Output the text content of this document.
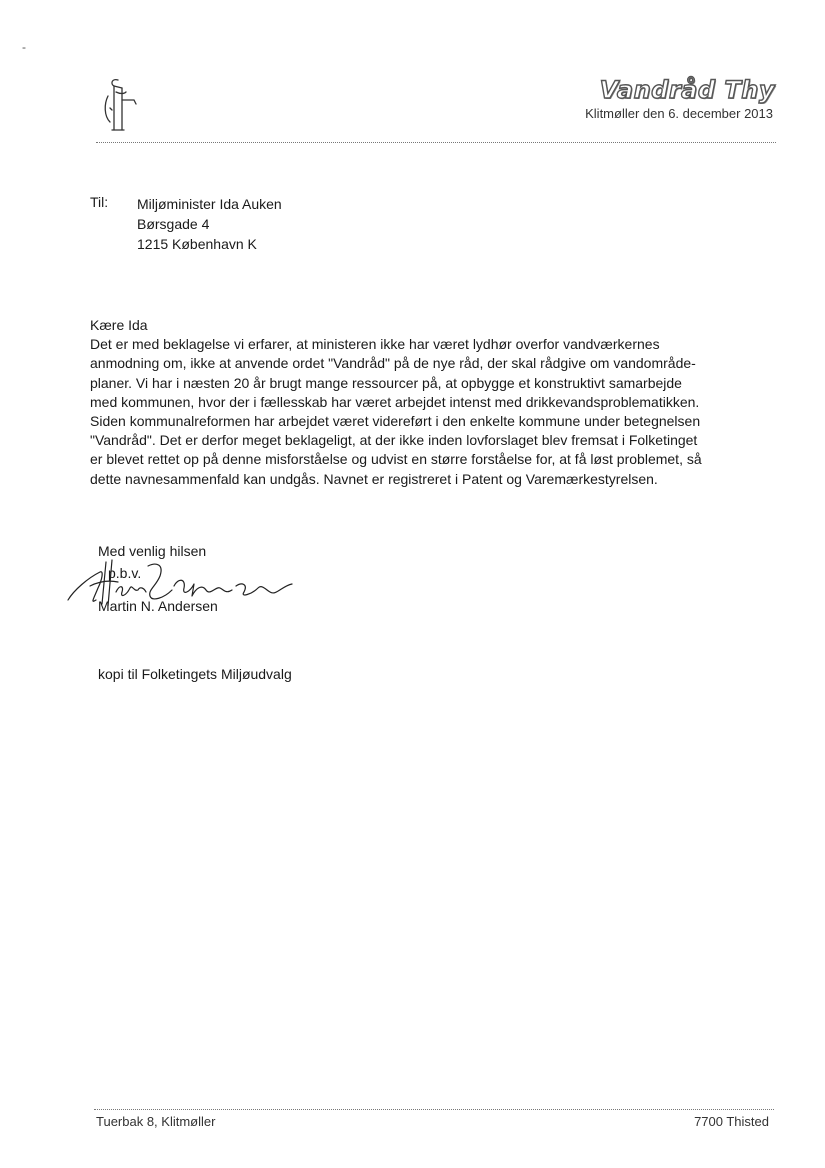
-
Vandråd Thy
Klitmøller den 6. december 2013
Til: Miljøminister Ida Auken
Børsgade 4
1215 København K
Kære Ida
Det er med beklagelse vi erfarer, at ministeren ikke har været lydhør overfor vandværkernes
anmodning om, ikke at anvende ordet "Vandråd" på de nye råd, der skal rådgive om vandområde-
planer. Vi har i næsten 20 år brugt mange ressourcer på, at opbygge et konstruktivt samarbejde
med kommunen, hvor der i fællesskab har været arbejdet intenst med drikkevandsproblematikken.
Siden kommunalreformen har arbejdet været videreført i den enkelte kommune under betegnelsen
"Vandråd". Det er derfor meget beklageligt, at der ikke inden lovforslaget blev fremsat i Folketinget
er blevet rettet op på denne misforståelse og udvist en større forståelse for, at få løst problemet, så
dette navnesammenfald kan undgås. Navnet er registreret i Patent og Varemærkestyrelsen.
Med venlig hilsen
p.b.v.
Martin N. Andersen
kopi til Folketingets Miljøudvalg
Tuerbak 8, Klitmøller	7700 Thisted
